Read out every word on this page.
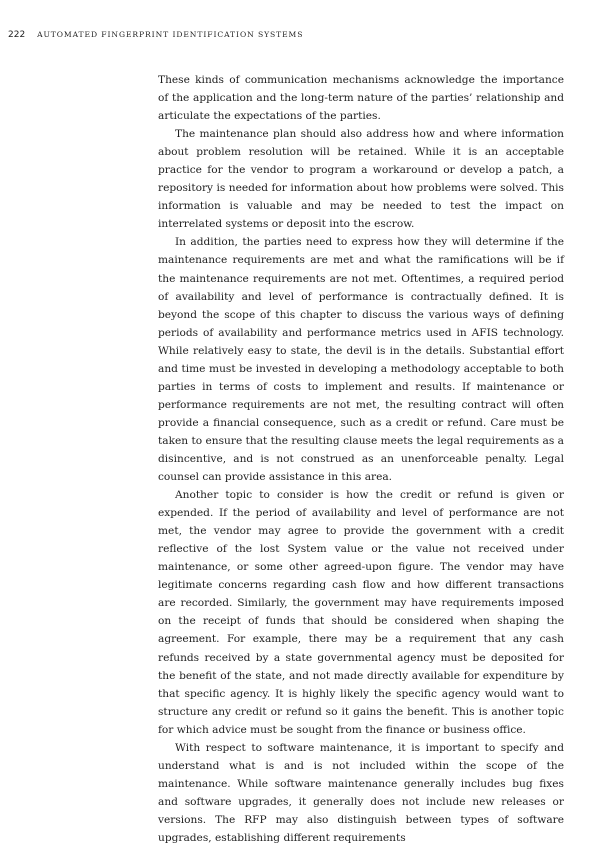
222 AUTOMATED FINGERPRINT IDENTIFICATION SYSTEMS

These kinds of communication mechanisms acknowledge the importance of the application and the long-term nature of the parties’ relationship and articulate the expectations of the parties.

The maintenance plan should also address how and where information about problem resolution will be retained. While it is an acceptable practice for the vendor to program a workaround or develop a patch, a repository is needed for information about how problems were solved. This information is valuable and may be needed to test the impact on interrelated systems or deposit into the escrow.

In addition, the parties need to express how they will determine if the maintenance requirements are met and what the ramifications will be if the maintenance requirements are not met. Oftentimes, a required period of availability and level of performance is contractually defined. It is beyond the scope of this chapter to discuss the various ways of defining periods of availability and performance metrics used in AFIS technology. While relatively easy to state, the devil is in the details. Substantial effort and time must be invested in developing a methodology acceptable to both parties in terms of costs to implement and results. If maintenance or performance requirements are not met, the resulting contract will often provide a financial consequence, such as a credit or refund. Care must be taken to ensure that the resulting clause meets the legal requirements as a disincentive, and is not construed as an unenforceable penalty. Legal counsel can provide assistance in this area.

Another topic to consider is how the credit or refund is given or expended. If the period of availability and level of performance are not met, the vendor may agree to provide the government with a credit reflective of the lost System value or the value not received under maintenance, or some other agreed-upon figure. The vendor may have legitimate concerns regarding cash flow and how different transactions are recorded. Similarly, the government may have requirements imposed on the receipt of funds that should be considered when shaping the agreement. For example, there may be a requirement that any cash refunds received by a state governmental agency must be deposited for the benefit of the state, and not made directly available for expenditure by that specific agency. It is highly likely the specific agency would want to structure any credit or refund so it gains the benefit. This is another topic for which advice must be sought from the finance or business office.

With respect to software maintenance, it is important to specify and understand what is and is not included within the scope of the maintenance. While software maintenance generally includes bug fixes and software upgrades, it generally does not include new releases or versions. The RFP may also distinguish between types of software upgrades, establishing different requirements
